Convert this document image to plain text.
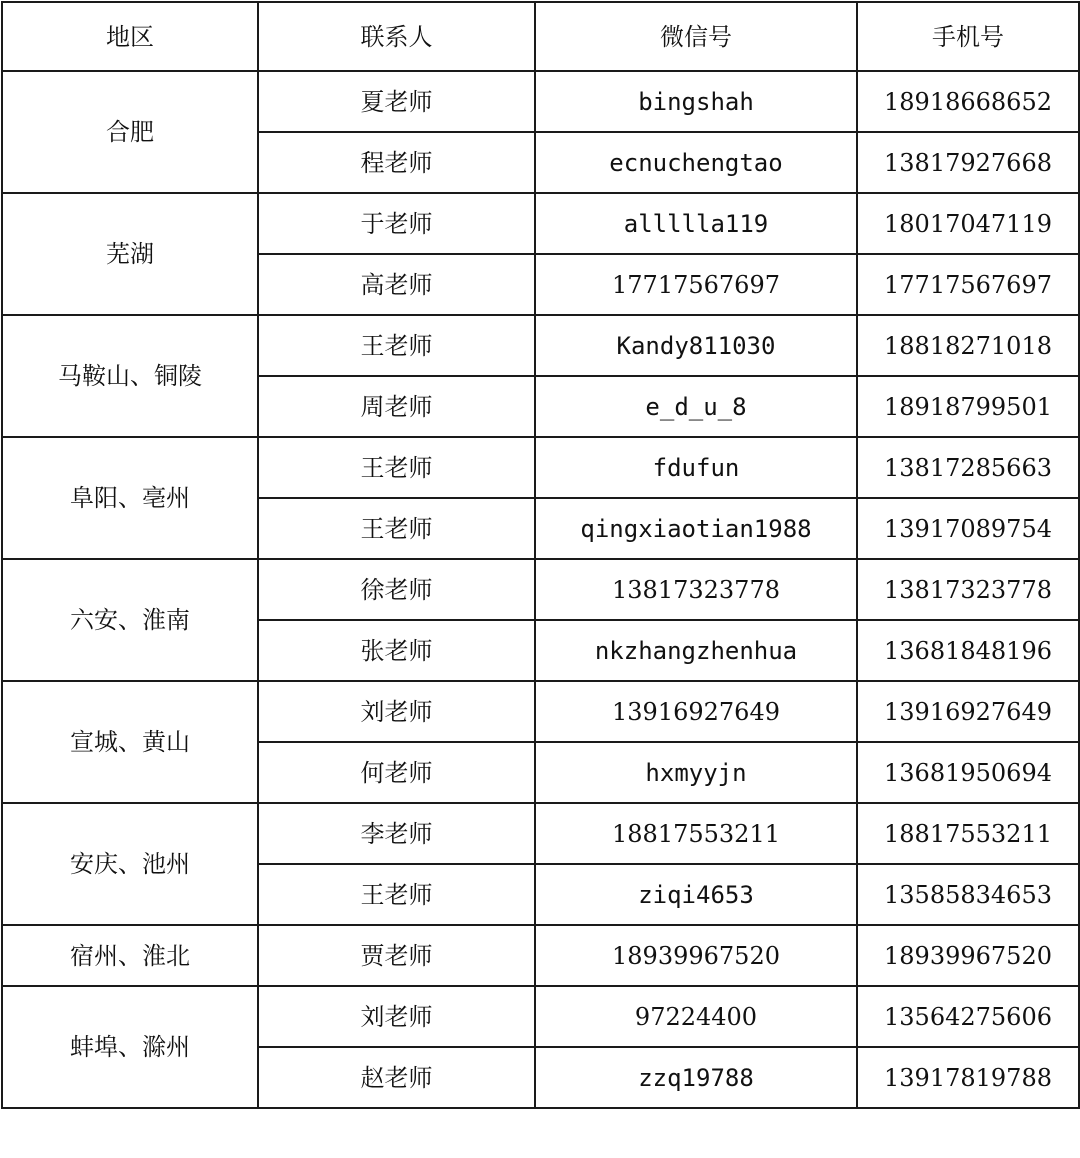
地区	联系人	微信号	手机号
合肥	夏老师	bingshah	18918668652
	程老师	ecnuchengtao	13817927668
芜湖	于老师	allllla119	18017047119
	高老师	17717567697	17717567697
马鞍山、铜陵	王老师	Kandy811030	18818271018
	周老师	e_d_u_8	18918799501
阜阳、亳州	王老师	fdufun	13817285663
	王老师	qingxiaotian1988	13917089754
六安、淮南	徐老师	13817323778	13817323778
	张老师	nkzhangzhenhua	13681848196
宣城、黄山	刘老师	13916927649	13916927649
	何老师	hxmyyjn	13681950694
安庆、池州	李老师	18817553211	18817553211
	王老师	ziqi4653	13585834653
宿州、淮北	贾老师	18939967520	18939967520
蚌埠、滁州	刘老师	97224400	13564275606
	赵老师	zzq19788	13917819788
